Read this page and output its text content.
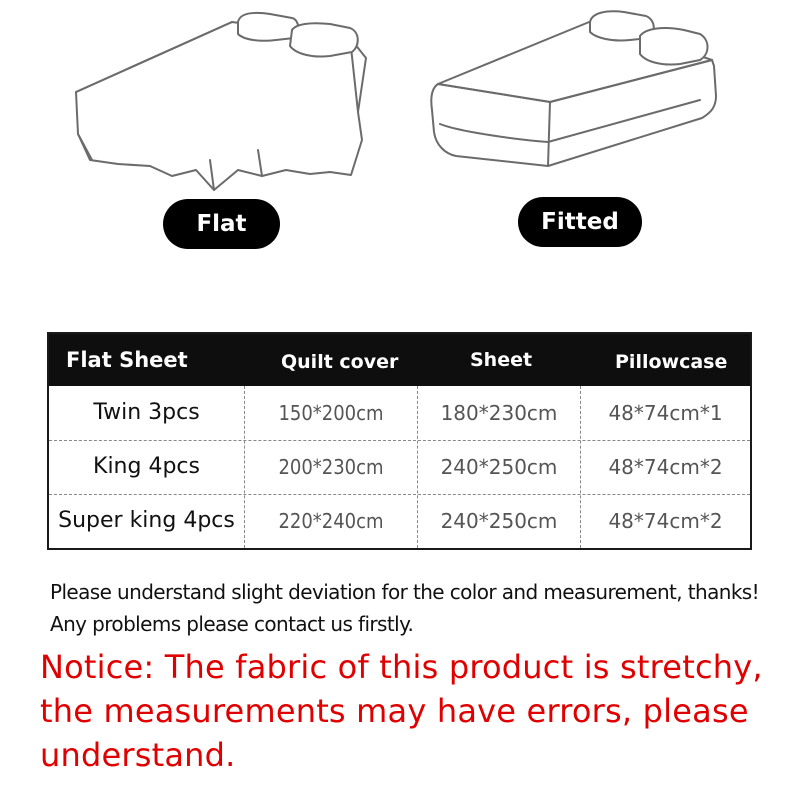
Flat	Fitted
Flat Sheet	Quilt cover	Sheet	Pillowcase
Twin 3pcs	150*200cm	180*230cm	48*74cm*1
King 4pcs	200*230cm	240*250cm	48*74cm*2
Super king 4pcs	220*240cm	240*250cm	48*74cm*2
Please understand slight deviation for the color and measurement, thanks!
Any problems please contact us firstly.
Notice: The fabric of this product is stretchy, the measurements may have errors, please understand.
